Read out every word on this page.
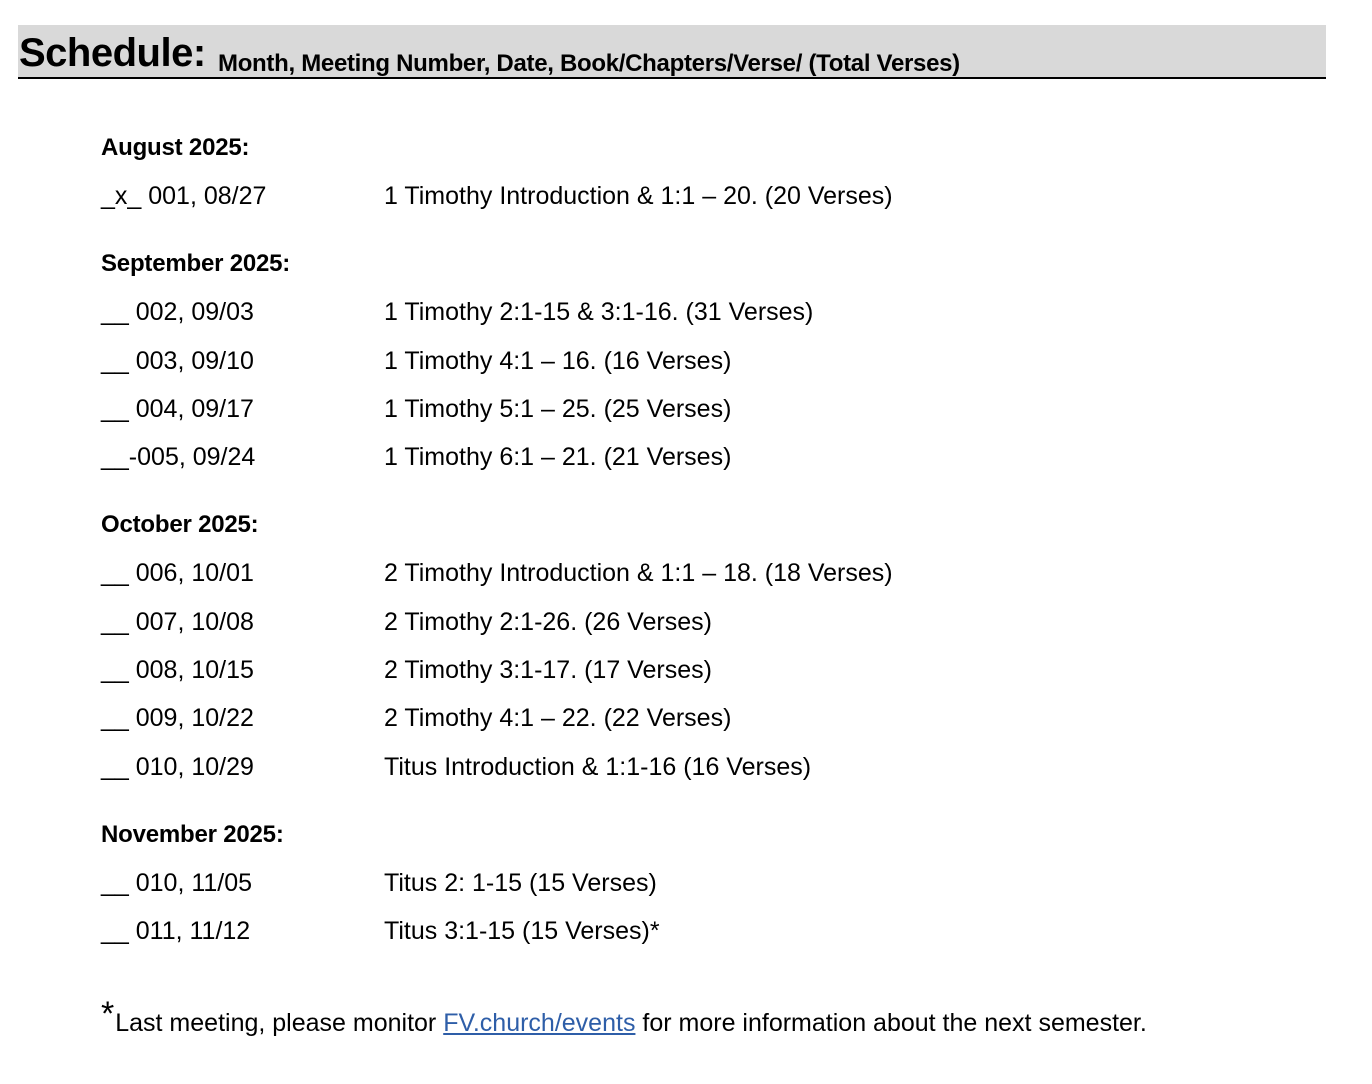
Schedule: Month, Meeting Number, Date, Book/Chapters/Verse/ (Total Verses)
August 2025:
_x_ 001, 08/27	1 Timothy Introduction & 1:1 – 20. (20 Verses)
September 2025:
__ 002, 09/03	1 Timothy 2:1-15 & 3:1-16. (31 Verses)
__ 003, 09/10	1 Timothy 4:1 – 16. (16 Verses)
__ 004, 09/17	1 Timothy 5:1 – 25. (25 Verses)
__-005, 09/24	1 Timothy 6:1 – 21. (21 Verses)
October 2025:
__ 006, 10/01	2 Timothy Introduction & 1:1 – 18. (18 Verses)
__ 007, 10/08	2 Timothy 2:1-26. (26 Verses)
__ 008, 10/15	2 Timothy 3:1-17. (17 Verses)
__ 009, 10/22	2 Timothy 4:1 – 22. (22 Verses)
__ 010, 10/29	Titus Introduction & 1:1-16 (16 Verses)
November 2025:
__ 010, 11/05	Titus 2: 1-15 (15 Verses)
__ 011, 11/12	Titus 3:1-15 (15 Verses)*
*Last meeting, please monitor FV.church/events for more information about the next semester.
